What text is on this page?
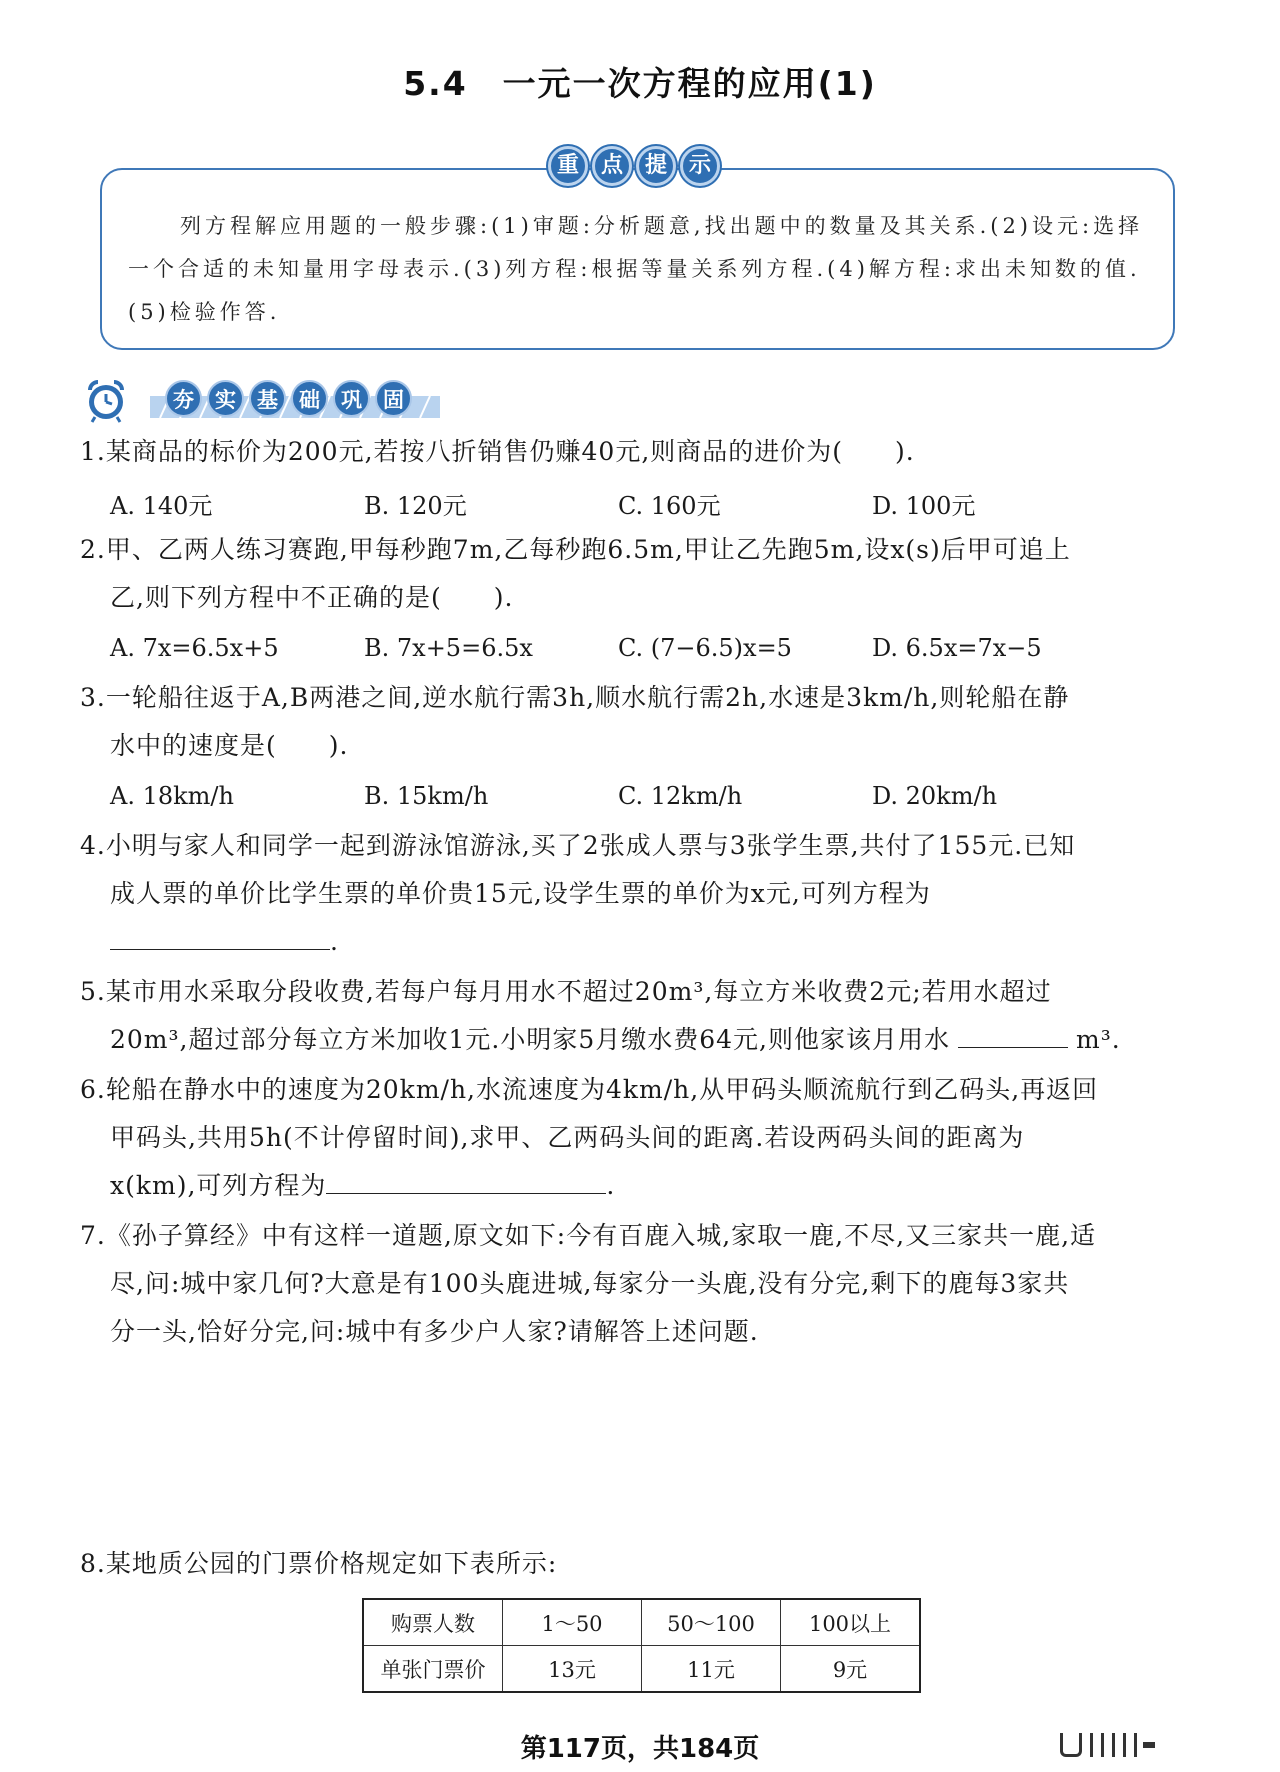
5.4　一元一次方程的应用(1)
重 点 提 示
列方程解应用题的一般步骤:(1)审题:分析题意,找出题中的数量及其关系.(2)设元:选择一个合适的未知量用字母表示.(3)列方程:根据等量关系列方程.(4)解方程:求出未知数的值.(5)检验作答.
夯	实	基	础	巩	固
1.某商品的标价为200元,若按八折销售仍赚40元,则商品的进价为(　　).
A. 140元	B. 120元	C. 160元	D. 100元
2.甲、乙两人练习赛跑,甲每秒跑7m,乙每秒跑6.5m,甲让乙先跑5m,设x(s)后甲可追上
乙,则下列方程中不正确的是(　　).
A. 7x=6.5x+5	B. 7x+5=6.5x	C. (7−6.5)x=5	D. 6.5x=7x−5
3.一轮船往返于A,B两港之间,逆水航行需3h,顺水航行需2h,水速是3km/h,则轮船在静
水中的速度是(　　).
A. 18km/h	B. 15km/h	C. 12km/h	D. 20km/h
4.小明与家人和同学一起到游泳馆游泳,买了2张成人票与3张学生票,共付了155元.已知
成人票的单价比学生票的单价贵15元,设学生票的单价为x元,可列方程为
.
5.某市用水采取分段收费,若每户每月用水不超过20m³,每立方米收费2元;若用水超过
20m³,超过部分每立方米加收1元.小明家5月缴水费64元,则他家该月用水	m³.
6.轮船在静水中的速度为20km/h,水流速度为4km/h,从甲码头顺流航行到乙码头,再返回
甲码头,共用5h(不计停留时间),求甲、乙两码头间的距离.若设两码头间的距离为
x(km),可列方程为	.
7.《孙子算经》中有这样一道题,原文如下:今有百鹿入城,家取一鹿,不尽,又三家共一鹿,适
尽,问:城中家几何?大意是有100头鹿进城,每家分一头鹿,没有分完,剩下的鹿每3家共
分一头,恰好分完,问:城中有多少户人家?请解答上述问题.
8.某地质公园的门票价格规定如下表所示:
购票人数	1～50	50～100	100以上
单张门票价	13元	11元	9元
第117页，共184页
